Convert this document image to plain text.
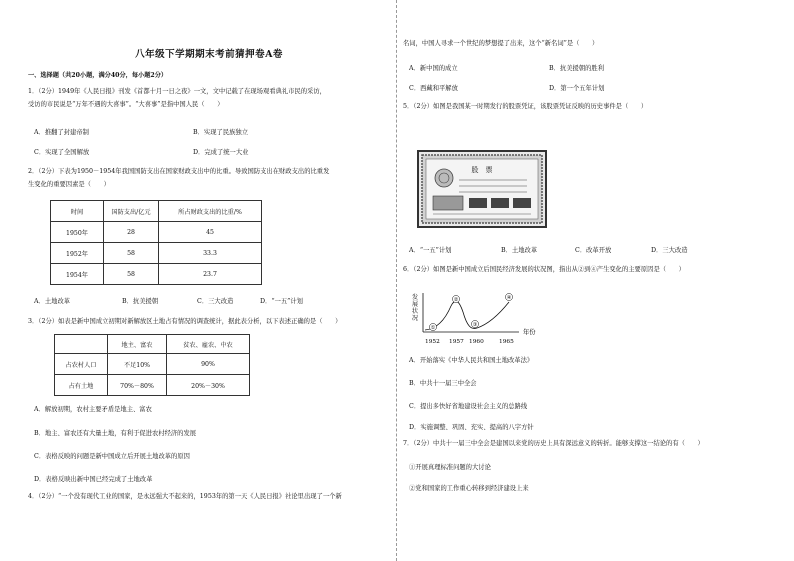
八年级下学期期末考前猜押卷A卷
一、选择题（共20小题，满分40分，每小题2分）
1．（2分）1949年《人民日报》刊发《首都十月一日之夜》一文，文中记载了在现场观看典礼市民的采访，
受访的市民说是“万年不遇的大喜事”。“大喜事”是指中国人民（　　）
A．推翻了封建帝制	B．实现了民族独立
C．实现了全国解放	D．完成了统一大业
2．（2分）下表为1950－1954年我国国防支出在国家财政支出中的比重。导致国防支出在财政支出的比重发
生变化的重要因素是（　　）
时间	国防支出/亿元	所占财政支出的比重/%
1950年	28	45
1952年	58	33.3
1954年	58	23.7
A．土地改革	B．抗美援朝	C．三大改造	D．“一五”计划
3．（2分）如表是新中国成立初期对新解放区土地占有情况的调查统计，据此表分析，以下表述正确的是（　　）
	地主、富农	贫农、雇农、中农
占农村人口	不足10%	90%
占有土地	70%－80%	20%－30%
A．解放初期，农村主要矛盾是地主、富农
B．地主、富农还有大量土地，有利于促进农村经济的发展
C．表格反映的问题是新中国成立后开展土地改革的原因
D．表格反映出新中国已经完成了土地改革
4．（2分）“一个没有现代工业的国家，是永远强大不起来的，1953年的第一天《人民日报》社论里出现了一个新
名词，中国人寻求一个世纪的梦想提了出来，这个“新名词”是（　　）
A．新中国的成立	B．抗美援朝的胜利
C．西藏和平解放	D．第一个五年计划
5．（2分）如图是我国某一时期发行的股票凭证，该股票凭证反映的历史事件是（　　）
股　票
A．“一五”计划	B．土地改革	C．改革开放	D．三大改造
6．（2分）如图是新中国成立后国民经济发展的状况图，指出从②到④产生变化的主要原因是（　　）
发
展
状
况
①
②
③
④
年份
1952 1957 1960	1965
A．开始落实《中华人民共和国土地改革法》
B．中共十一届三中全会
C．提出多快好省地建设社会主义的总路线
D．实施调整、巩固、充实、提高的八字方针
7．（2分）中共十一届三中全会是建国以来党的历史上具有深远意义的转折。能够支撑这一结论的有（　　）
①开展真理标准问题的大讨论
②党和国家的工作重心转移到经济建设上来
